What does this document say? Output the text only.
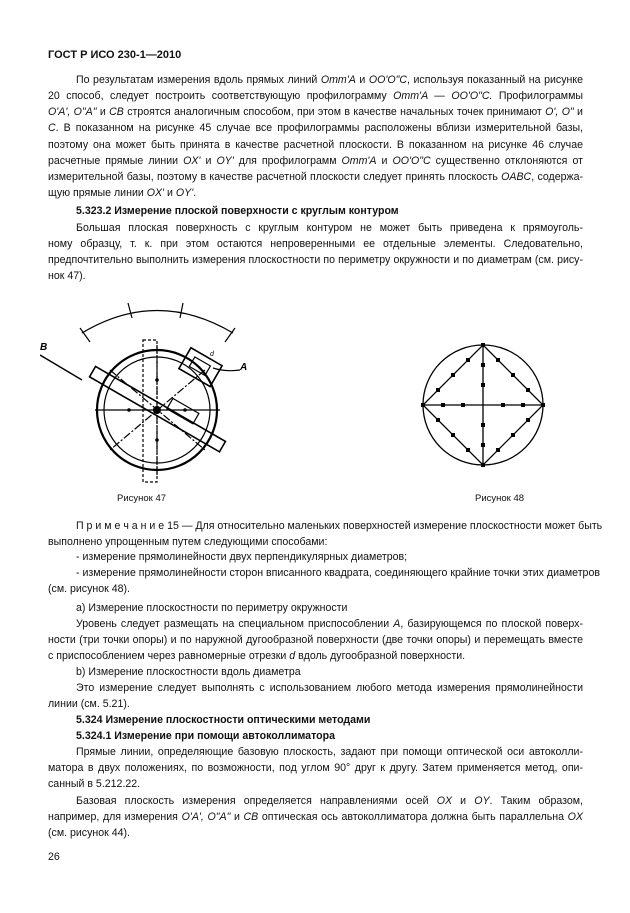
ГОСТ Р ИСО 230-1—2010
По результатам измерения вдоль прямых линий Omm'A и OO'O"C, используя показанный на рисунке
20 способ, следует построить соответствующую профилограмму Omm'A — OO'O"C. Профилограммы
O'A', O"A" и CB строятся аналогичным способом, при этом в качестве начальных точек принимают O', O" и
C. В показанном на рисунке 45 случае все профилограммы расположены вблизи измерительной базы,
поэтому она может быть принята в качестве расчетной плоскости. В показанном на рисунке 46 случае
расчетные прямые линии OX' и OY' для профилограмм Omm'A и OO'O"C существенно отклоняются от
измерительной базы, поэтому в качестве расчетной плоскости следует принять плоскость OABC, содержа-
щую прямые линии OX' и OY'.
5.323.2 Измерение плоской поверхности с круглым контуром
Большая плоская поверхность с круглым контуром не может быть приведена к прямоуголь-
ному образцу, т. к. при этом остаются непроверенными ее отдельные элементы. Следовательно,
предпочтительно выполнить измерения плоскостности по периметру окружности и по диаметрам (см. рису-
нок 47).
П р и м е ч а н и е 15 — Для относительно маленьких поверхностей измерение плоскостности может быть
выполнено упрощенным путем следующими способами:
- измерение прямолинейности двух перпендикулярных диаметров;
- измерение прямолинейности сторон вписанного квадрата, соединяющего крайние точки этих диаметров
(см. рисунок 48).
a) Измерение плоскостности по периметру окружности
Уровень следует размещать на специальном приспособлении A, базирующемся по плоской поверх-
ности (три точки опоры) и по наружной дугообразной поверхности (две точки опоры) и перемещать вместе
с приспособлением через равномерные отрезки d вдоль дугообразной поверхности.
b) Измерение плоскостности вдоль диаметра
Это измерение следует выполнять с использованием любого метода измерения прямолинейности
линии (см. 5.21).
5.324 Измерение плоскостности оптическими методами
5.324.1 Измерение при помощи автоколлиматора
Прямые линии, определяющие базовую плоскость, задают при помощи оптической оси автоколли-
матора в двух положениях, по возможности, под углом 90° друг к другу. Затем применяется метод, опи-
санный в 5.212.22.
Базовая плоскость измерения определяется направлениями осей OX и OY. Таким образом,
например, для измерения O'A', O"A" и CB оптическая ось автоколлиматора должна быть параллельна OX
(см. рисунок 44).
B
A
d
Рисунок 47	Рисунок 48
26
